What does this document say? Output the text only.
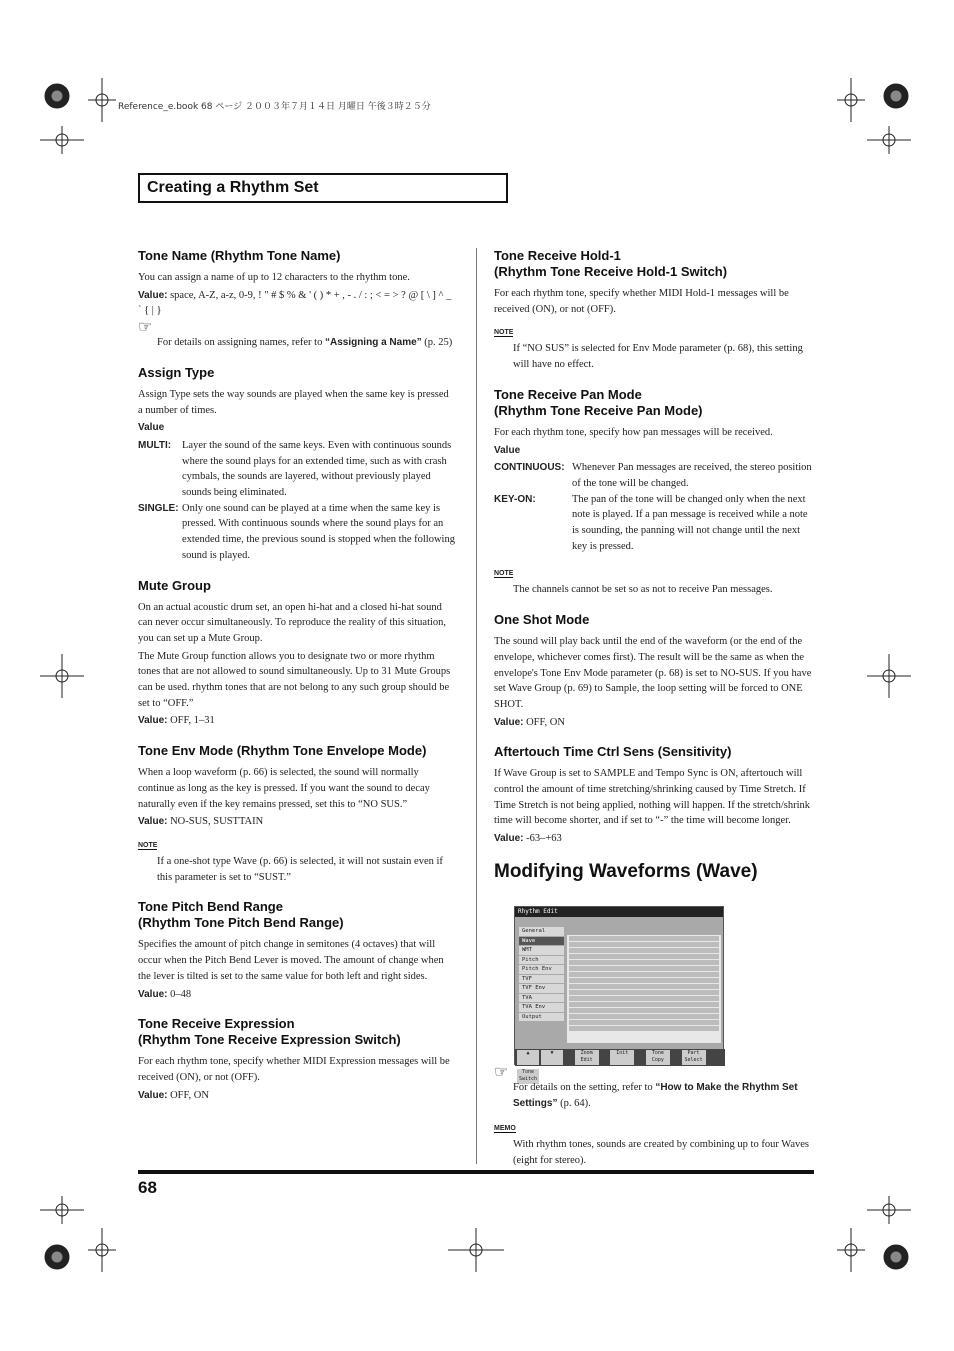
Reference_e.book 68 ページ ２００３年７月１４日 月曜日 午後３時２５分
Creating a Rhythm Set
Tone Name (Rhythm Tone Name)

You can assign a name of up to 12 characters to the rhythm tone.

Value: space, A-Z, a-z, 0-9, ! " # $ % & ' ( ) * + , - . / : ; < = > ? @ [ \ ] ^ _ ` { | }

☞

For details on assigning names, refer to “Assigning a Name” (p. 25)

Assign Type

Assign Type sets the way sounds are played when the same key is pressed a number of times.

Value

MULTI:	Layer the sound of the same keys. Even with continuous sounds where the sound plays for an extended time, such as with crash cymbals, the sounds are layered, without previously played sounds being eliminated.
SINGLE: Only one sound can be played at a time when the same key is pressed. With continuous sounds where the sound plays for an extended time, the previous sound is stopped when the following sound is played.
Mute Group

On an actual acoustic drum set, an open hi-hat and a closed hi-hat sound can never occur simultaneously. To reproduce the reality of this situation, you can set up a Mute Group.

The Mute Group function allows you to designate two or more rhythm tones that are not allowed to sound simultaneously. Up to 31 Mute Groups can be used. rhythm tones that are not belong to any such group should be set to “OFF.”

Value: OFF, 1–31

Tone Env Mode (Rhythm Tone Envelope Mode)

When a loop waveform (p. 66) is selected, the sound will normally continue as long as the key is pressed. If you want the sound to decay naturally even if the key remains pressed, set this to “NO SUS.”

Value: NO-SUS, SUSTTAIN

NOTE

If a one-shot type Wave (p. 66) is selected, it will not sustain even if this parameter is set to “SUST.”

Tone Pitch Bend Range
(Rhythm Tone Pitch Bend Range)

Specifies the amount of pitch change in semitones (4 octaves) that will occur when the Pitch Bend Lever is moved. The amount of change when the lever is tilted is set to the same value for both left and right sides.

Value: 0–48

Tone Receive Expression
(Rhythm Tone Receive Expression Switch)

For each rhythm tone, specify whether MIDI Expression messages will be received (ON), or not (OFF).

Value: OFF, ON

Tone Receive Hold-1
(Rhythm Tone Receive Hold-1 Switch)

For each rhythm tone, specify whether MIDI Hold-1 messages will be received (ON), or not (OFF).

NOTE

If “NO SUS” is selected for Env Mode parameter (p. 68), this setting will have no effect.

Tone Receive Pan Mode
(Rhythm Tone Receive Pan Mode)

For each rhythm tone, specify how pan messages will be received.

Value

CONTINUOUS: Whenever Pan messages are received, the stereo position of the tone will be changed.
KEY-ON:	The pan of the tone will be changed only when the next note is played. If a pan message is received while a note is sounding, the panning will not change until the next key is pressed.
NOTE

The channels cannot be set so as not to receive Pan messages.

One Shot Mode

The sound will play back until the end of the waveform (or the end of the envelope, whichever comes first). The result will be the same as when the envelope's Tone Env Mode parameter (p. 68) is set to NO-SUS. If you have set Wave Group (p. 69) to Sample, the loop setting will be forced to ONE SHOT.

Value: OFF, ON

Aftertouch Time Ctrl Sens (Sensitivity)

If Wave Group is set to SAMPLE and Tempo Sync is ON, aftertouch will control the amount of time stretching/shrinking caused by Time Stretch. If Time Stretch is not being applied, nothing will happen. If the stretch/shrink time will become shorter, and if set to “-” the time will become longer.

Value: -63–+63

Modifying Waveforms (Wave)
Rhythm Edit
General
Wave
WMT
Pitch
Pitch Env
TVF
TVF Env
TVA
TVA Env
Output
▲	▼	Zoom Edit Init	Tone Copy Part Select Tone Switch
☞

For details on the setting, refer to “How to Make the Rhythm Set Settings” (p. 64).

MEMO

With rhythm tones, sounds are created by combining up to four Waves (eight for stereo).

68
